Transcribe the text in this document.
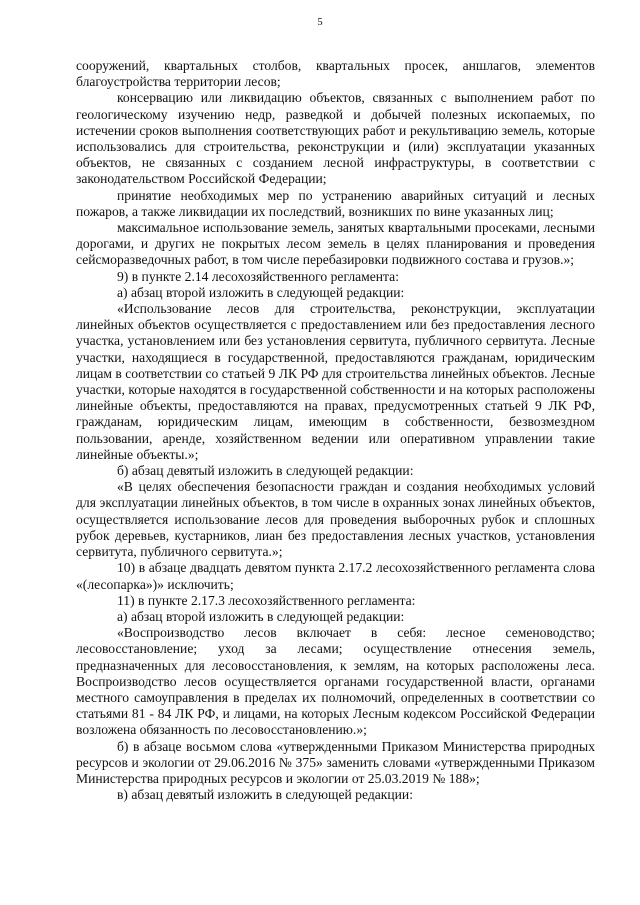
5

сооружений, квартальных столбов, квартальных просек, аншлагов, элементов благоустройства территории лесов;

консервацию или ликвидацию объектов, связанных с выполнением работ по геологическому изучению недр, разведкой и добычей полезных ископаемых, по истечении сроков выполнения соответствующих работ и рекультивацию земель, которые использовались для строительства, реконструкции и (или) эксплуатации указанных объектов, не связанных с созданием лесной инфраструктуры, в соответствии с законодательством Российской Федерации;

принятие необходимых мер по устранению аварийных ситуаций и лесных пожаров, а также ликвидации их последствий, возникших по вине указанных лиц;

максимальное использование земель, занятых квартальными просеками, лесными дорогами, и других не покрытых лесом земель в целях планирования и проведения сейсморазведочных работ, в том числе перебазировки подвижного состава и грузов.»;

9) в пункте 2.14 лесохозяйственного регламента:

а) абзац второй изложить в следующей редакции:

«Использование лесов для строительства, реконструкции, эксплуатации линейных объектов осуществляется с предоставлением или без предоставления лесного участка, установлением или без установления сервитута, публичного сервитута. Лесные участки, находящиеся в государственной, предоставляются гражданам, юридическим лицам в соответствии со статьей 9 ЛК РФ для строительства линейных объектов. Лесные участки, которые находятся в государственной собственности и на которых расположены линейные объекты, предоставляются на правах, предусмотренных статьей 9 ЛК РФ, гражданам, юридическим лицам, имеющим в собственности, безвозмездном пользовании, аренде, хозяйственном ведении или оперативном управлении такие линейные объекты.»;

б) абзац девятый изложить в следующей редакции:

«В целях обеспечения безопасности граждан и создания необходимых условий для эксплуатации линейных объектов, в том числе в охранных зонах линейных объектов, осуществляется использование лесов для проведения выборочных рубок и сплошных рубок деревьев, кустарников, лиан без предоставления лесных участков, установления сервитута, публичного сервитута.»;

10) в абзаце двадцать девятом пункта 2.17.2 лесохозяйственного регламента слова «(лесопарка»)» исключить;

11) в пункте 2.17.3 лесохозяйственного регламента:

а) абзац второй изложить в следующей редакции:

«Воспроизводство лесов включает в себя: лесное семеноводство; лесовосстановление; уход за лесами; осуществление отнесения земель, предназначенных для лесовосстановления, к землям, на которых расположены леса. Воспроизводство лесов осуществляется органами государственной власти, органами местного самоуправления в пределах их полномочий, определенных в соответствии со статьями 81 - 84 ЛК РФ, и лицами, на которых Лесным кодексом Российской Федерации возложена обязанность по лесовосстановлению.»;

б) в абзаце восьмом слова «утвержденными Приказом Министерства природных ресурсов и экологии от 29.06.2016 № 375» заменить словами «утвержденными Приказом Министерства природных ресурсов и экологии от 25.03.2019 № 188»;

в) абзац девятый изложить в следующей редакции:
